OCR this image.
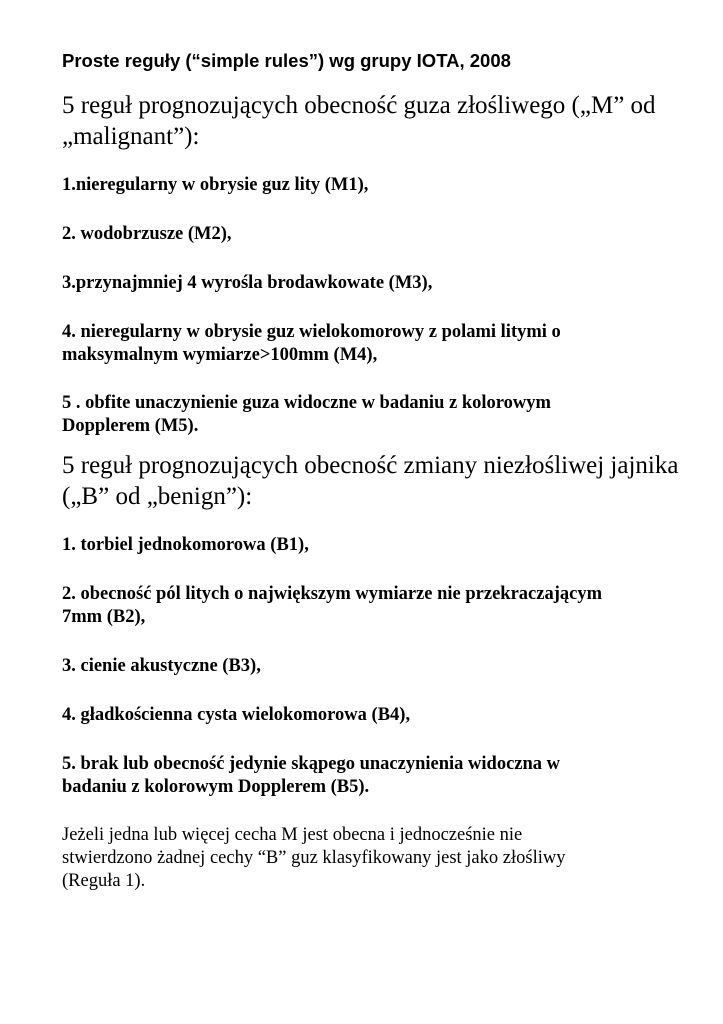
Proste reguły (“simple rules”) wg grupy IOTA, 2008
5 reguł prognozujących obecność guza złośliwego („M” od
„malignant”):
1.nieregularny w obrysie guz lity (M1),
2. wodobrzusze (M2),
3.przynajmniej 4 wyrośla brodawkowate (M3),
4. nieregularny w obrysie guz wielokomorowy z polami litymi o
maksymalnym wymiarze>100mm (M4),
5 . obfite unaczynienie guza widoczne w badaniu z kolorowym
Dopplerem (M5).
5 reguł prognozujących obecność zmiany niezłośliwej jajnika
(„B” od „benign”):
1. torbiel jednokomorowa (B1),
2. obecność pól litych o największym wymiarze nie przekraczającym
7mm (B2),
3. cienie akustyczne (B3),
4. gładkościenna cysta wielokomorowa (B4),
5. brak lub obecność jedynie skąpego unaczynienia widoczna w
badaniu z kolorowym Dopplerem (B5).

Jeżeli jedna lub więcej cecha M jest obecna i jednocześnie nie
stwierdzono żadnej cechy “B” guz klasyfikowany jest jako złośliwy
(Reguła 1).
